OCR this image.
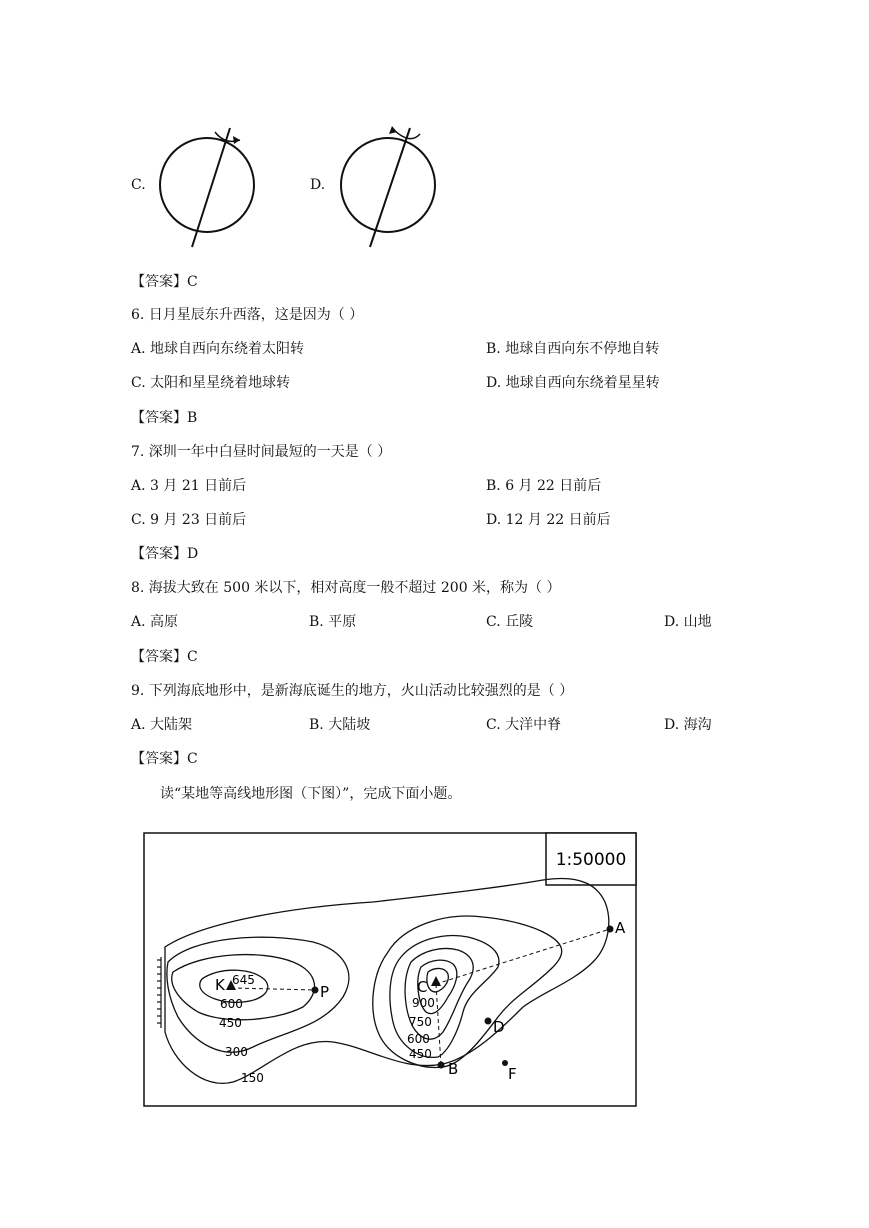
C.	D.
【答案】C
6. 日月星辰东升西落，这是因为（ ）
A. 地球自西向东绕着太阳转	B. 地球自西向东不停地自转
C. 太阳和星星绕着地球转	D. 地球自西向东绕着星星转
【答案】B
7. 深圳一年中白昼时间最短的一天是（ ）
A. 3 月 21 日前后	B. 6 月 22 日前后
C. 9 月 23 日前后	D. 12 月 22 日前后
【答案】D
8. 海拔大致在 500 米以下，相对高度一般不超过 200 米，称为（ ）
A. 高原	B. 平原	C. 丘陵	D. 山地
【答案】C
9. 下列海底地形中，是新海底诞生的地方，火山活动比较强烈的是（ ）
A. 大陆架	B. 大陆坡	C. 大洋中脊	D. 海沟
【答案】C
读“某地等高线地形图（下图）”，完成下面小题。
1:50000
645
600
450
300
150
900
750
600
450
K	P	C
A
D
B	F
